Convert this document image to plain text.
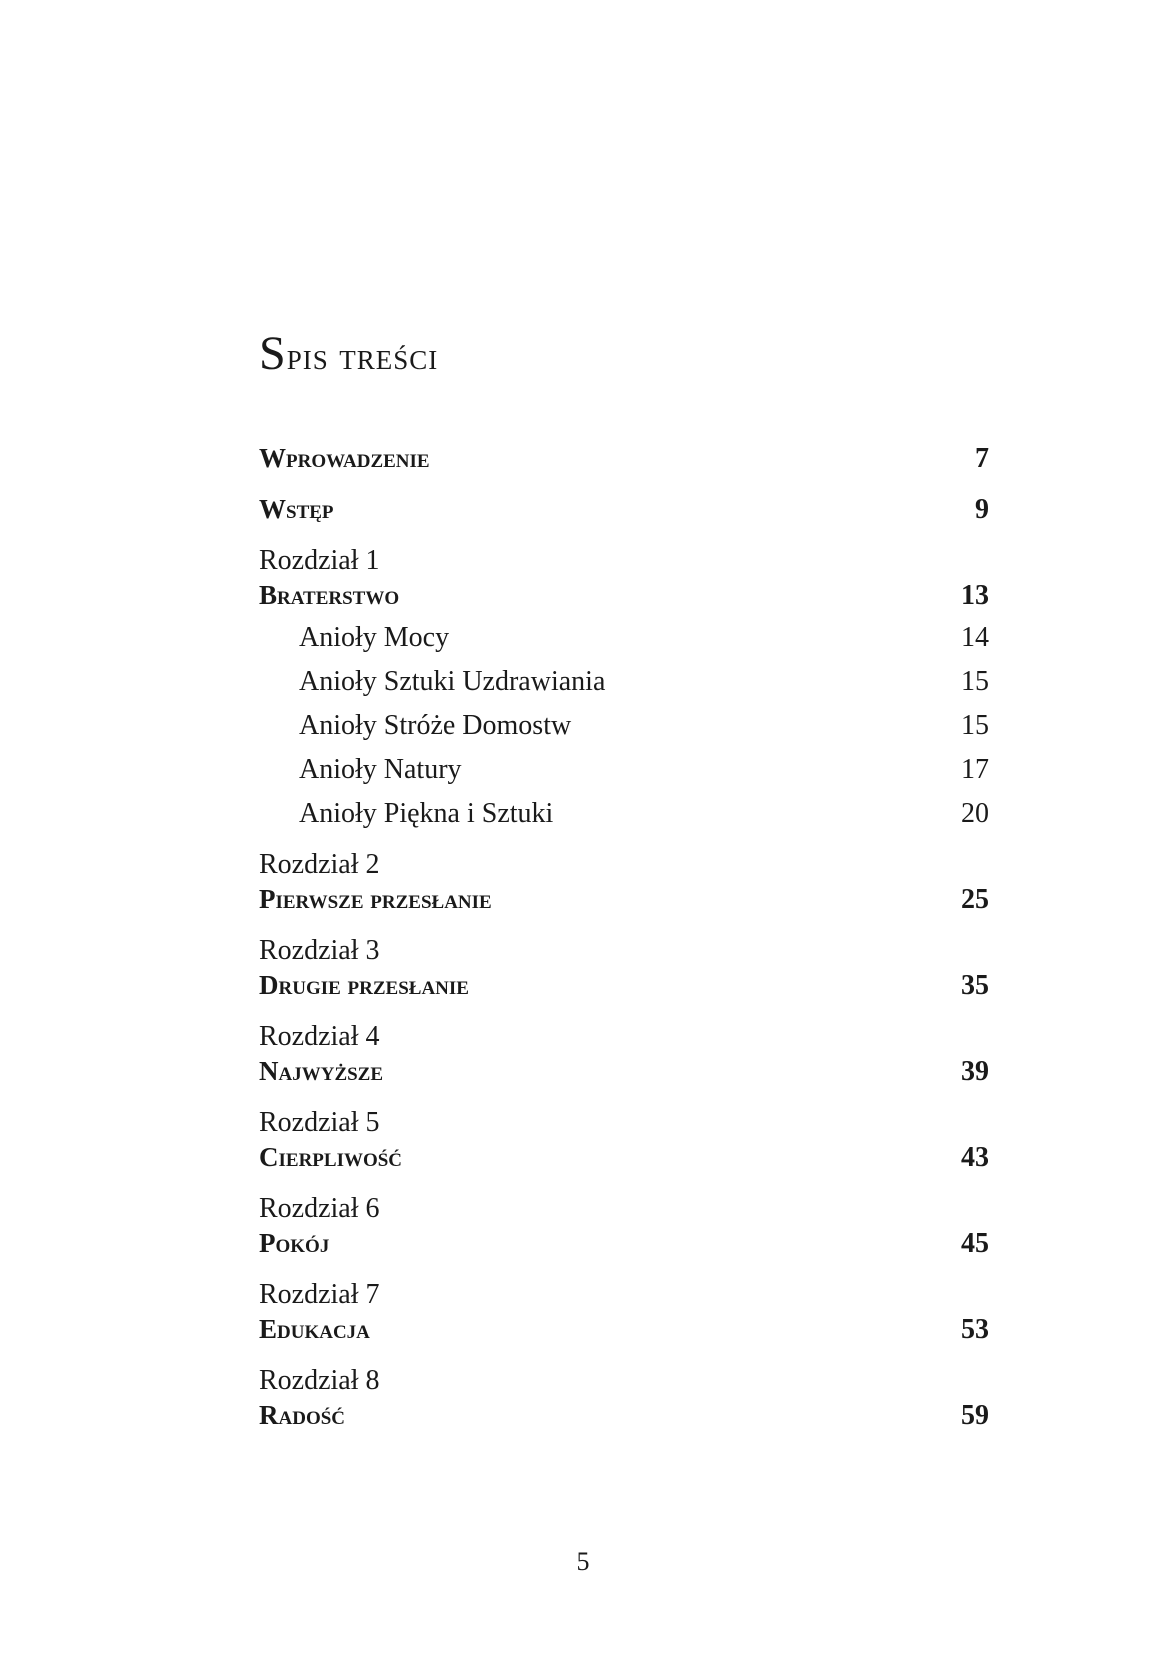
Spis treści
Wprowadzenie	7
Wstęp	9
Rozdział 1
Braterstwo	13
Anioły Mocy	14
Anioły Sztuki Uzdrawiania	15
Anioły Stróże Domostw	15
Anioły Natury	17
Anioły Piękna i Sztuki	20
Rozdział 2
Pierwsze przesłanie	25
Rozdział 3
Drugie przesłanie	35
Rozdział 4
Najwyższe	39
Rozdział 5
Cierpliwość	43
Rozdział 6
Pokój	45
Rozdział 7
Edukacja	53
Rozdział 8
Radość	59
5
